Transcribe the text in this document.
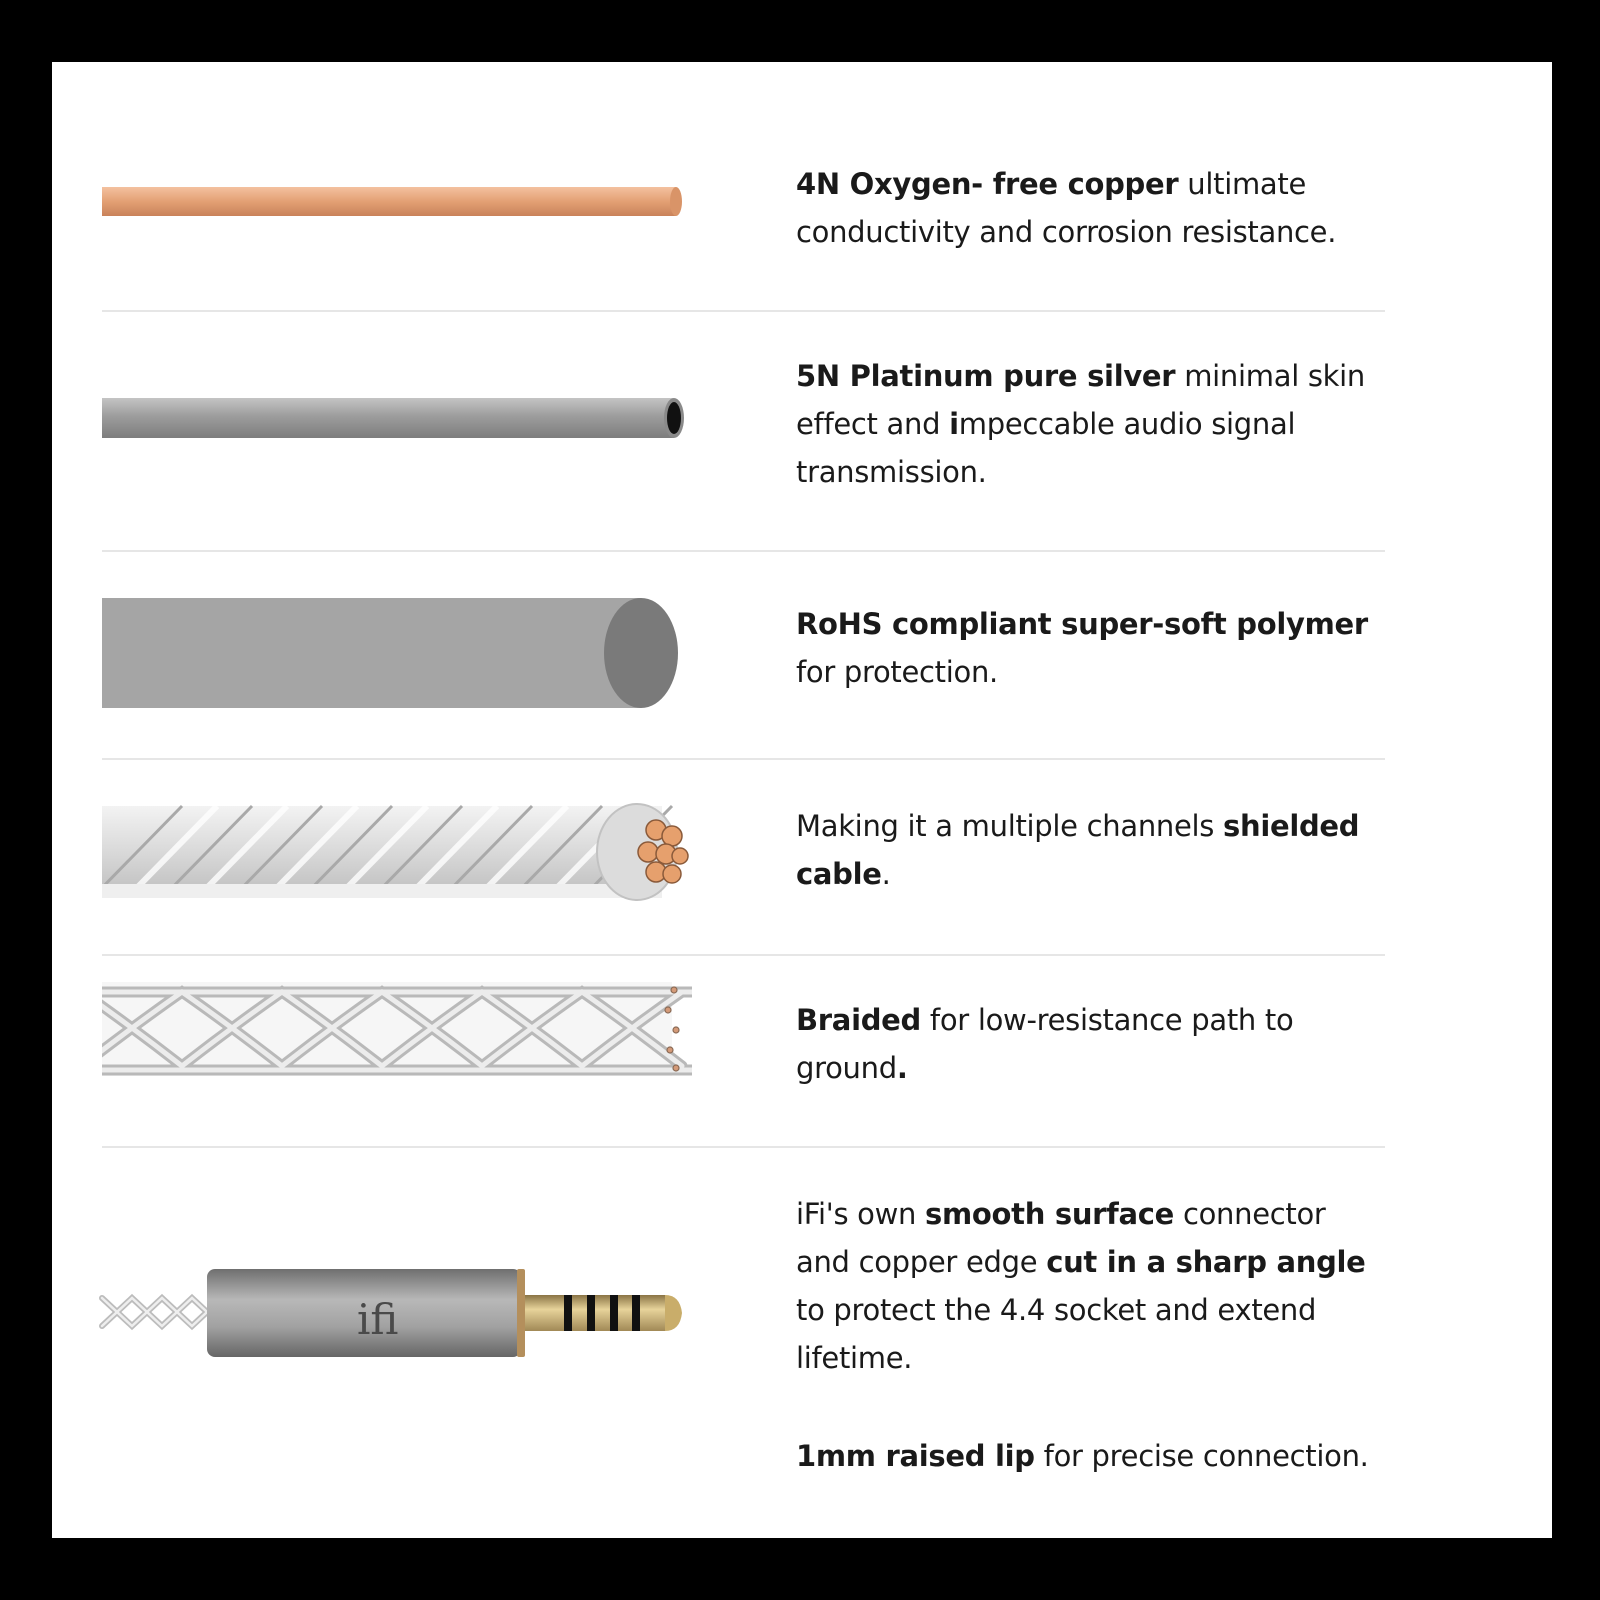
ifi
4N Oxygen- free copper ultimate conductivity and corrosion resistance.
5N Platinum pure silver minimal skin effect and impeccable audio signal transmission.
RoHS compliant super-soft polymer for protection.
Making it a multiple channels shielded cable.
Braided for low-resistance path to ground.
iFi's own smooth surface connector and copper edge cut in a sharp angle to protect the 4.4 socket and extend lifetime.
1mm raised lip for precise connection.
